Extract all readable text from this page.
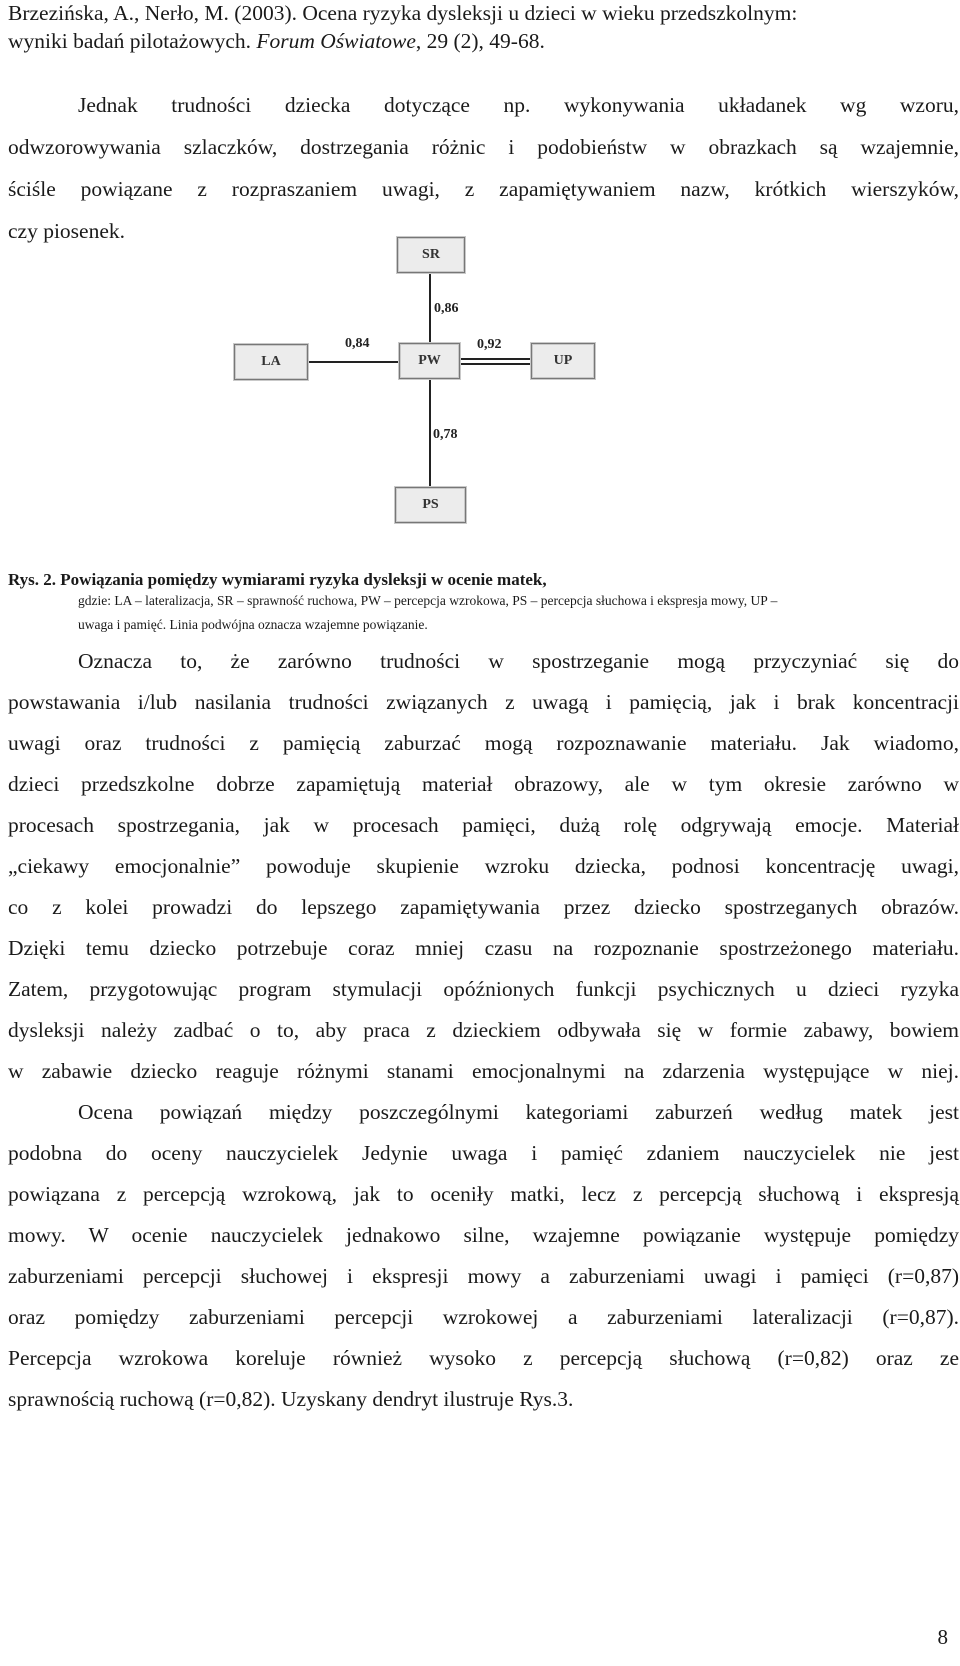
Brzezińska, A., Nerło, M. (2003). Ocena ryzyka dysleksji u dzieci w wieku przedszkolnym:

wyniki badań pilotażowych. Forum Oświatowe, 29 (2), 49-68.

Jednak trudności dziecka dotyczące np. wykonywania układanek wg wzoru,

odwzorowywania szlaczków, dostrzegania różnic i podobieństw w obrazkach są wzajemnie,

ściśle powiązane z rozpraszaniem uwagi, z zapamiętywaniem nazw, krótkich wierszyków,

czy piosenek.

SR
LA	PW	UP
PS
0,86
0,84	0,92
0,78

Rys. 2. Powiązania pomiędzy wymiarami ryzyka dysleksji w ocenie matek,

gdzie: LA – lateralizacja, SR – sprawność ruchowa, PW – percepcja wzrokowa, PS – percepcja słuchowa i ekspresja mowy, UP –

uwaga i pamięć. Linia podwójna oznacza wzajemne powiązanie.

Oznacza to, że zarówno trudności w spostrzeganie mogą przyczyniać się do

powstawania i/lub nasilania trudności związanych z uwagą i pamięcią, jak i brak koncentracji

uwagi oraz trudności z pamięcią zaburzać mogą rozpoznawanie materiału. Jak wiadomo,

dzieci przedszkolne dobrze zapamiętują materiał obrazowy, ale w tym okresie zarówno w

procesach spostrzegania, jak w procesach pamięci, dużą rolę odgrywają emocje. Materiał

„ciekawy emocjonalnie” powoduje skupienie wzroku dziecka, podnosi koncentrację uwagi,

co z kolei prowadzi do lepszego zapamiętywania przez dziecko spostrzeganych obrazów.

Dzięki temu dziecko potrzebuje coraz mniej czasu na rozpoznanie spostrzeżonego materiału.

Zatem, przygotowując program stymulacji opóźnionych funkcji psychicznych u dzieci ryzyka

dysleksji należy zadbać o to, aby praca z dzieckiem odbywała się w formie zabawy, bowiem

w zabawie dziecko reaguje różnymi stanami emocjonalnymi na zdarzenia występujące w niej.

Ocena powiązań między poszczególnymi kategoriami zaburzeń według matek jest

podobna do oceny nauczycielek Jedynie uwaga i pamięć zdaniem nauczycielek nie jest

powiązana z percepcją wzrokową, jak to oceniły matki, lecz z percepcją słuchową i ekspresją

mowy. W ocenie nauczycielek jednakowo silne, wzajemne powiązanie występuje pomiędzy

zaburzeniami percepcji słuchowej i ekspresji mowy a zaburzeniami uwagi i pamięci (r=0,87)

oraz pomiędzy zaburzeniami percepcji wzrokowej a zaburzeniami lateralizacji (r=0,87).

Percepcja wzrokowa koreluje również wysoko z percepcją słuchową (r=0,82) oraz ze

sprawnością ruchową (r=0,82). Uzyskany dendryt ilustruje Rys.3.

8
